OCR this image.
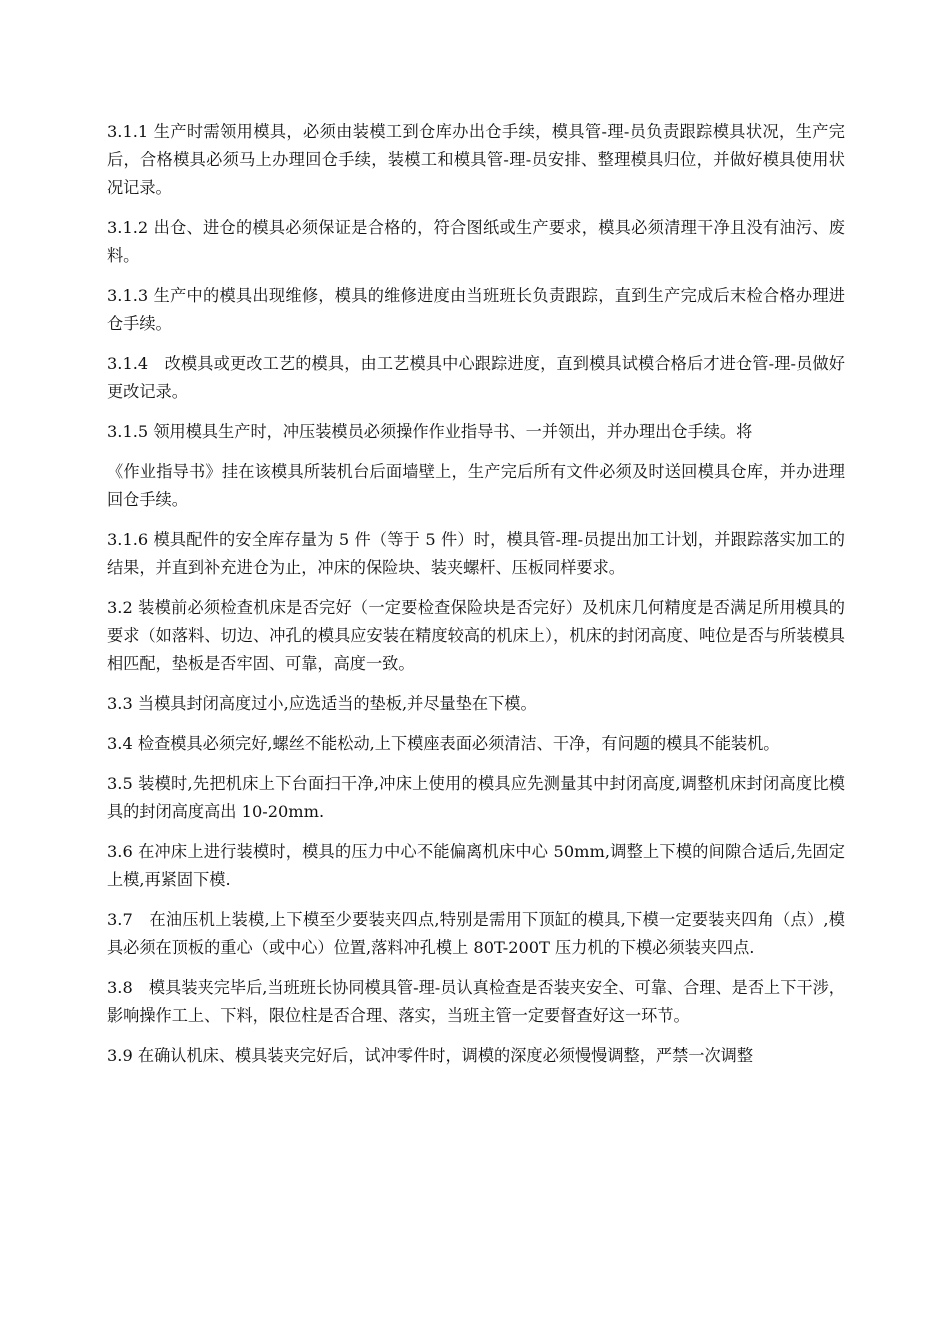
3.1.1 生产时需领用模具，必须由装模工到仓库办出仓手续，模具管-理-员负责跟踪模具状况，生产完后，合格模具必须马上办理回仓手续，装模工和模具管-理-员安排、整理模具归位，并做好模具使用状况记录。

3.1.2 出仓、进仓的模具必须保证是合格的，符合图纸或生产要求，模具必须清理干净且没有油污、废料。

3.1.3 生产中的模具出现维修，模具的维修进度由当班班长负责跟踪，直到生产完成后末检合格办理进仓手续。

3.1.4　改模具或更改工艺的模具，由工艺模具中心跟踪进度，直到模具试模合格后才进仓管-理-员做好更改记录。

3.1.5 领用模具生产时，冲压装模员必须操作作业指导书、一并领出，并办理出仓手续。将

《作业指导书》挂在该模具所装机台后面墙壁上，生产完后所有文件必须及时送回模具仓库，并办进理回仓手续。

3.1.6 模具配件的安全库存量为 5 件（等于 5 件）时，模具管-理-员提出加工计划，并跟踪落实加工的结果，并直到补充进仓为止，冲床的保险块、装夹螺杆、压板同样要求。

3.2 装模前必须检查机床是否完好（一定要检查保险块是否完好）及机床几何精度是否满足所用模具的要求（如落料、切边、冲孔的模具应安装在精度较高的机床上），机床的封闭高度、吨位是否与所装模具相匹配，垫板是否牢固、可靠，高度一致。

3.3 当模具封闭高度过小,应选适当的垫板,并尽量垫在下模。

3.4 检查模具必须完好,螺丝不能松动,上下模座表面必须清洁、干净，有问题的模具不能装机。

3.5 装模时,先把机床上下台面扫干净,冲床上使用的模具应先测量其中封闭高度,调整机床封闭高度比模具的封闭高度高出 10-20mm.

3.6 在冲床上进行装模时，模具的压力中心不能偏离机床中心 50mm,调整上下模的间隙合适后,先固定上模,再紧固下模.

3.7　在油压机上装模,上下模至少要装夹四点,特别是需用下顶缸的模具,下模一定要装夹四角（点）,模具必须在顶板的重心（或中心）位置,落料冲孔模上 80T-200T 压力机的下模必须装夹四点.

3.8　模具装夹完毕后,当班班长协同模具管-理-员认真检查是否装夹安全、可靠、合理、是否上下干涉，影响操作工上、下料，限位柱是否合理、落实，当班主管一定要督查好这一环节。

3.9 在确认机床、模具装夹完好后，试冲零件时，调模的深度必须慢慢调整，严禁一次调整
